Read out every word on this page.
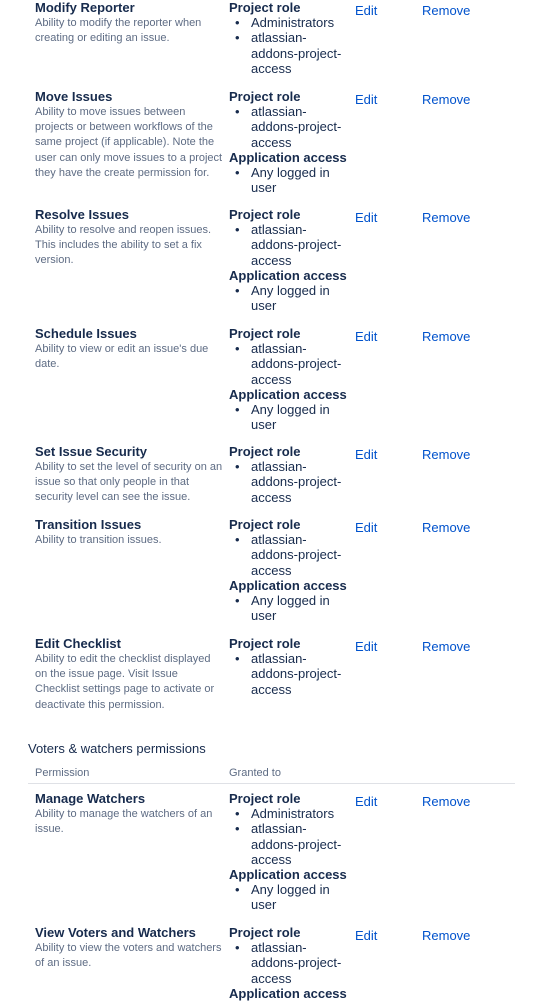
Modify Reporter
Ability to modify the reporter when creating or editing an issue.
Project role
• Administrators
• atlassian-addons-project-access
Edit	Remove
Move Issues
Ability to move issues between projects or between workflows of the same project (if applicable). Note the user can only move issues to a project they have the create permission for.
Project role
• atlassian-addons-project-access
Application access
• Any logged in user
Edit	Remove
Resolve Issues
Ability to resolve and reopen issues. This includes the ability to set a fix version.
Project role
• atlassian-addons-project-access
Application access
• Any logged in user
Edit	Remove
Schedule Issues
Ability to view or edit an issue's due date.
Project role
• atlassian-addons-project-access
Application access
• Any logged in user
Edit	Remove
Set Issue Security
Ability to set the level of security on an issue so that only people in that security level can see the issue.
Project role
• atlassian-addons-project-access
Edit	Remove
Transition Issues
Ability to transition issues.
Project role
• atlassian-addons-project-access
Application access
• Any logged in user
Edit	Remove
Edit Checklist
Ability to edit the checklist displayed on the issue page. Visit Issue Checklist settings page to activate or deactivate this permission.
Project role
• atlassian-addons-project-access
Edit	Remove
Voters & watchers permissions
Permission	Granted to
Manage Watchers
Ability to manage the watchers of an issue.
Project role
• Administrators
• atlassian-addons-project-access
Application access
• Any logged in user
Edit	Remove
View Voters and Watchers
Ability to view the voters and watchers of an issue.
Project role
• atlassian-addons-project-access
Application access
Edit	Remove
